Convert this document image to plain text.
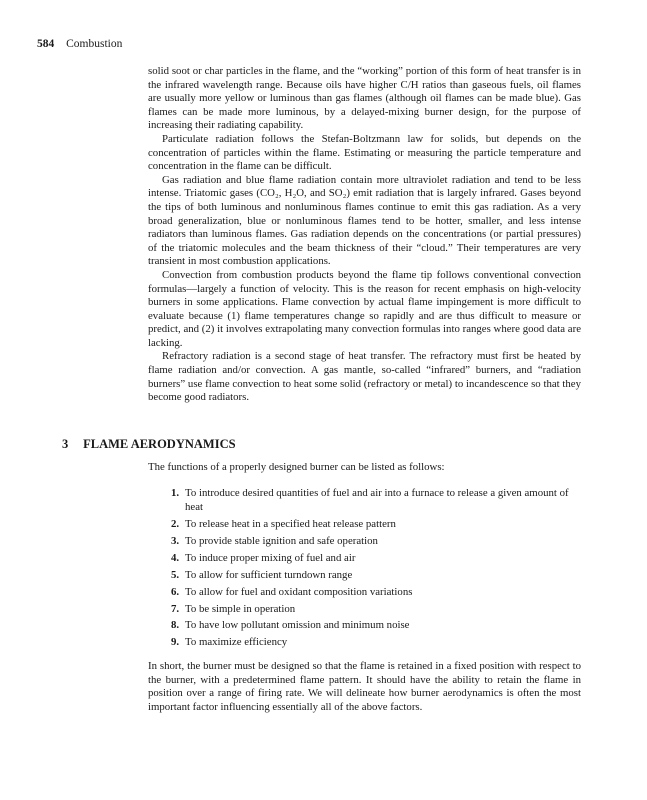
584 Combustion

solid soot or char particles in the flame, and the “working” portion of this form of heat transfer is in the infrared wavelength range. Because oils have higher C/H ratios than gaseous fuels, oil flames are usually more yellow or luminous than gas flames (although oil flames can be made blue). Gas flames can be made more luminous, by a delayed-mixing burner design, for the purpose of increasing their radiating capability.

Particulate radiation follows the Stefan-Boltzmann law for solids, but depends on the concentration of particles within the flame. Estimating or measuring the particle temperature and concentration in the flame can be difficult.

Gas radiation and blue flame radiation contain more ultraviolet radiation and tend to be less intense. Triatomic gases (CO₂, H₂O, and SO₂) emit radiation that is largely infrared. Gases beyond the tips of both luminous and nonluminous flames continue to emit this gas radiation. As a very broad generalization, blue or nonluminous flames tend to be hotter, smaller, and less intense radiators than luminous flames. Gas radiation depends on the concentrations (or partial pressures) of the triatomic molecules and the beam thickness of their “cloud.” Their temperatures are very transient in most combustion applications.

Convection from combustion products beyond the flame tip follows conventional convection formulas—largely a function of velocity. This is the reason for recent emphasis on high-velocity burners in some applications. Flame convection by actual flame impingement is more difficult to evaluate because (1) flame temperatures change so rapidly and are thus difficult to measure or predict, and (2) it involves extrapolating many convection formulas into ranges where good data are lacking.

Refractory radiation is a second stage of heat transfer. The refractory must first be heated by flame radiation and/or convection. A gas mantle, so-called “infrared” burners, and “radiation burners” use flame convection to heat some solid (refractory or metal) to incandescence so that they become good radiators.

3 FLAME AERODYNAMICS
The functions of a properly designed burner can be listed as follows:
1. To introduce desired quantities of fuel and air into a furnace to release a given amount of heat
2. To release heat in a specified heat release pattern
3. To provide stable ignition and safe operation
4. To induce proper mixing of fuel and air
5. To allow for sufficient turndown range
6. To allow for fuel and oxidant composition variations
7. To be simple in operation
8. To have low pollutant omission and minimum noise
9. To maximize efficiency
In short, the burner must be designed so that the flame is retained in a fixed position with respect to the burner, with a predetermined flame pattern. It should have the ability to retain the flame in position over a range of firing rate. We will delineate how burner aerodynamics is often the most important factor influencing essentially all of the above factors.
